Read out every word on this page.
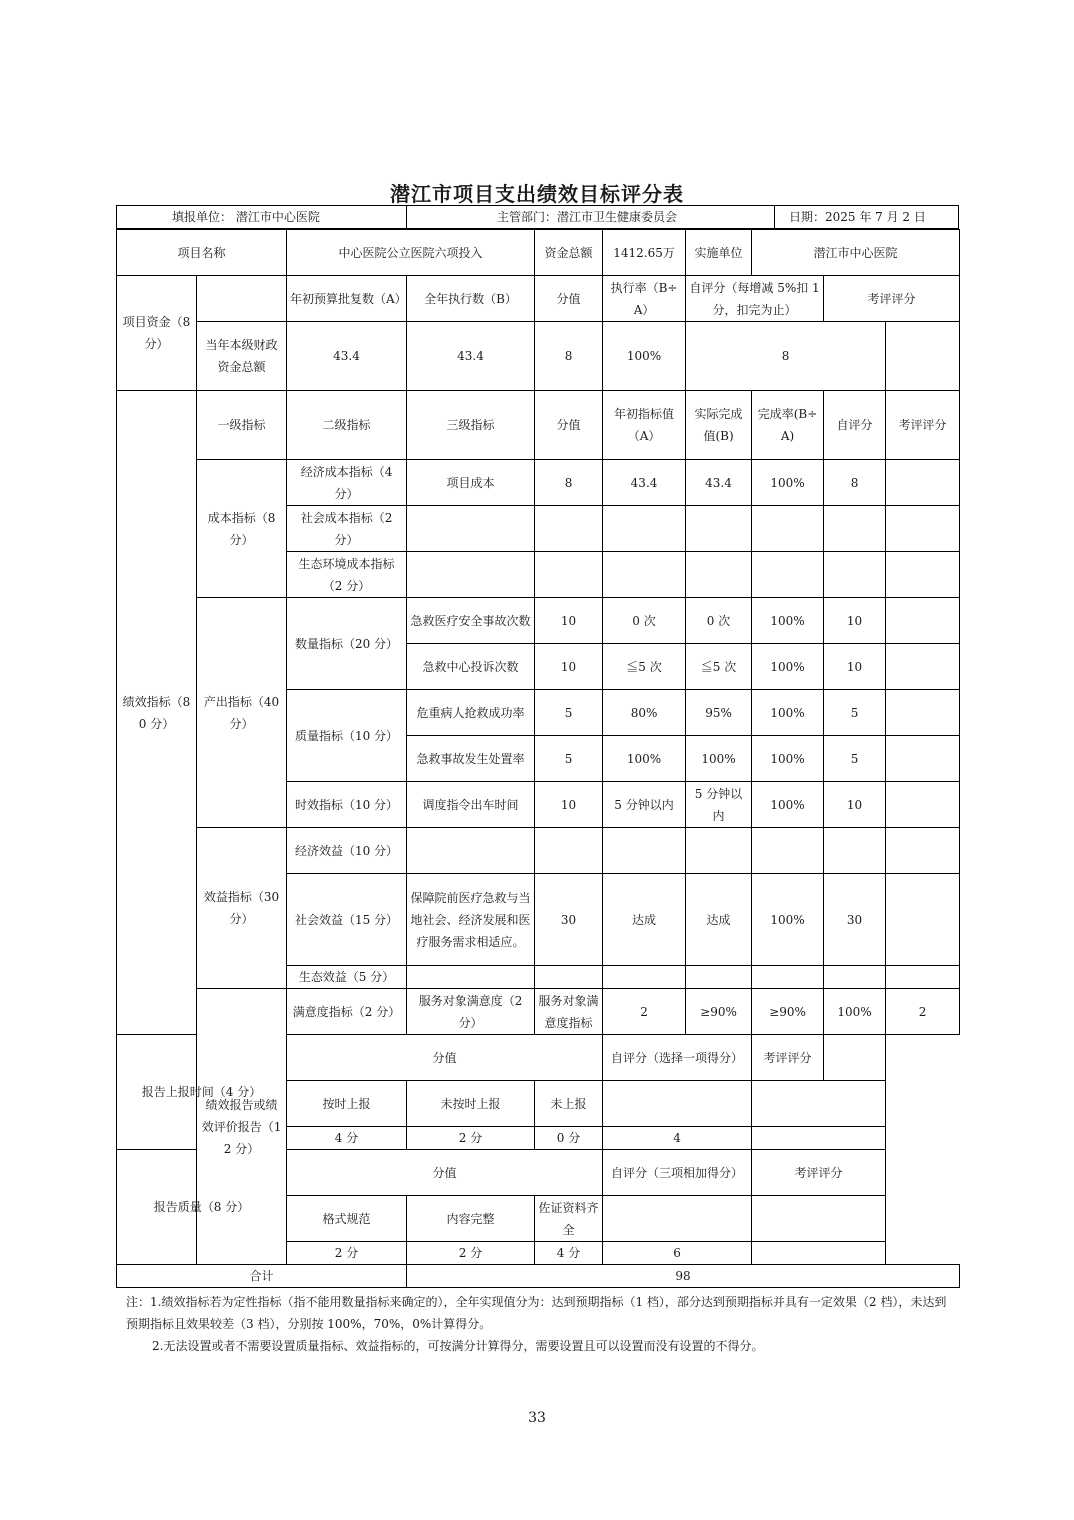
潜江市项目支出绩效目标评分表
填报单位： 潜江市中心医院	主管部门：潜江市卫生健康委员会	日期：2025 年 7 月 2 日
项目名称		中心医院公立医院六项投入		资金总额	1412.65万	实施单位	潜江市中心医院			
项目资金（8 分）		年初预算批复数（A）	全年执行数（B）	分值	执行率（B÷A）	自评分（每增减 5%扣 1 分，扣完为止）		考评评分		
	当年本级财政资金总额	43.4	43.4	8	100%	8				
绩效指标（80 分）	一级指标	二级指标	三级指标	分值	年初指标值（A）	实际完成值(B)	完成率(B÷A)	自评分	考评评分	
	成本指标（8 分）	经济成本指标（4 分）	项目成本	8	43.4	43.4	100%	8		
		社会成本指标（2 分）								
		生态环境成本指标（2 分）								
	产出指标（40 分）	数量指标（20 分）	急救医疗安全事故次数	10	0 次	0 次	100%	10		
			急救中心投诉次数	10	≦5 次	≦5 次	100%	10		
		质量指标（10 分）	危重病人抢救成功率	5	80%	95%	100%	5		
			急救事故发生处置率	5	100%	100%	100%	5		
		时效指标（10 分）	调度指令出车时间	10	5 分钟以内	5 分钟以内	100%	10		
	效益指标（30 分）	经济效益（10 分）								
		社会效益（15 分）	保障院前医疗急救与当地社会、经济发展和医疗服务需求相适应。	30	达成	达成	100%	30		
		生态效益（5 分）								
	绩效报告或绩效评价报告（12 分）	满意度指标（2 分）	服务对象满意度（2 分）	服务对象满意度指标	2	≥90%	≥90%	100%	2	
报告上报时间（4 分）		分值			自评分（选择一项得分）		考评评分			
		按时上报	未按时上报	未上报						
		4 分	2 分	0 分	4					
报告质量（8 分）		分值			自评分（三项相加得分）		考评评分			
		格式规范	内容完整	佐证资料齐全						
		2 分	2 分	4 分	6					
合计			98							

注：1.绩效指标若为定性指标（指不能用数量指标来确定的），全年实现值分为：达到预期指标（1 档），部分达到预期指标并具有一定效果（2 档），未达到预期指标且效果较差（3 档），分别按 100%，70%，0%计算得分。

2.无法设置或者不需要设置质量指标、效益指标的，可按满分计算得分，需要设置且可以设置而没有设置的不得分。

33
